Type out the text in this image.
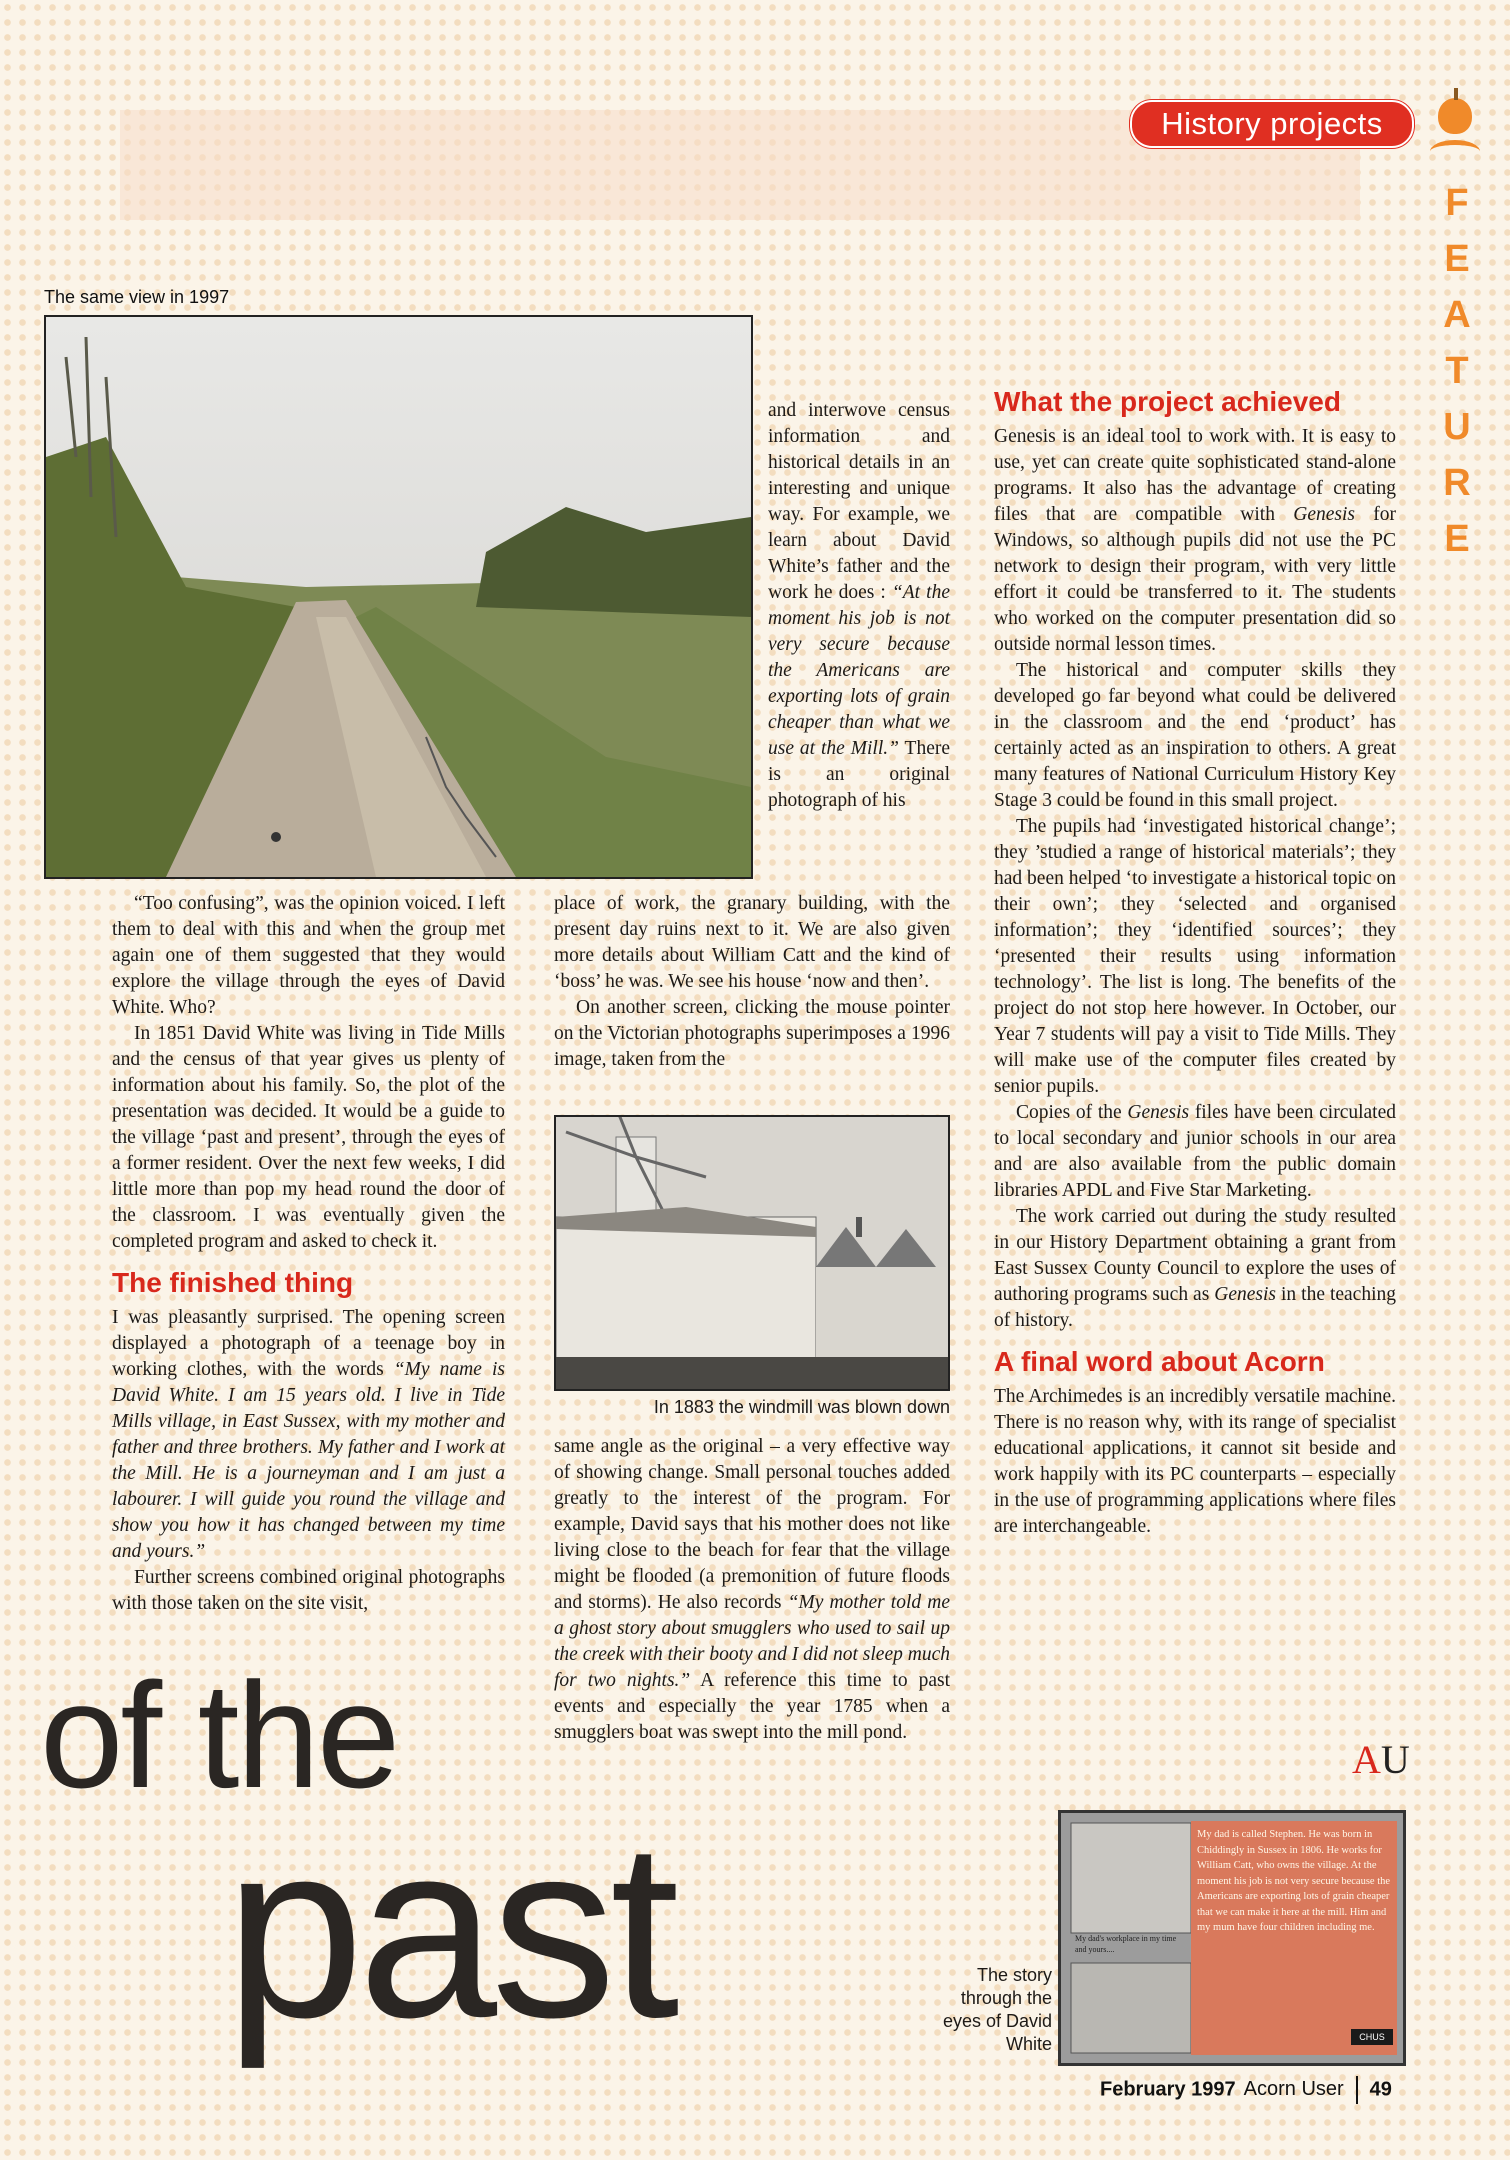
History projects
F
E
A
T
U
R
E
The same view in 1997

“Too confusing”, was the opinion voiced. I left them to deal with this and when the group met again one of them suggested that they would explore the village through the eyes of David White. Who?

In 1851 David White was living in Tide Mills and the census of that year gives us plenty of information about his family. So, the plot of the presentation was decided. It would be a guide to the village ‘past and present’, through the eyes of a former resident. Over the next few weeks, I did little more than pop my head round the door of the classroom. I was eventually given the completed program and asked to check it.

The finished thing

I was pleasantly surprised. The opening screen displayed a photograph of a teenage boy in working clothes, with the words “My name is David White. I am 15 years old. I live in Tide Mills village, in East Sussex, with my mother and father and three brothers. My father and I work at the Mill. He is a journeyman and I am just a labourer. I will guide you round the village and show you how it has changed between my time and yours.”

Further screens combined original photographs with those taken on the site visit,

and interwove census information and historical details in an interesting and unique way. For example, we learn about David White’s father and the work he does : “At the moment his job is not very secure because the Americans are exporting lots of grain cheaper than what we use at the Mill.” There is an original photograph of his

place of work, the granary building, with the present day ruins next to it. We are also given more details about William Catt and the kind of ‘boss’ he was. We see his house ‘now and then’.

On another screen, clicking the mouse pointer on the Victorian photographs superimposes a 1996 image, taken from the

In 1883 the windmill was blown down

same angle as the original – a very effective way of showing change. Small personal touches added greatly to the interest of the program. For example, David says that his mother does not like living close to the beach for fear that the village might be flooded (a premonition of future floods and storms). He also records “My mother told me a ghost story about smugglers who used to sail up the creek with their booty and I did not sleep much for two nights.” A reference this time to past events and especially the year 1785 when a smugglers boat was swept into the mill pond.

What the project achieved

Genesis is an ideal tool to work with. It is easy to use, yet can create quite sophisticated stand-alone programs. It also has the advantage of creating files that are compatible with Genesis for Windows, so although pupils did not use the PC network to design their program, with very little effort it could be transferred to it. The students who worked on the computer presentation did so outside normal lesson times.

The historical and computer skills they developed go far beyond what could be delivered in the classroom and the end ‘product’ has certainly acted as an inspiration to others. A great many features of National Curriculum History Key Stage 3 could be found in this small project.

The pupils had ‘investigated historical change’; they ’studied a range of historical materials’; they had been helped ‘to investigate a historical topic on their own’; they ‘selected and organised information’; they ‘identified sources’; they ‘presented their results using information technology’. The list is long. The benefits of the project do not stop here however. In October, our Year 7 students will pay a visit to Tide Mills. They will make use of the computer files created by senior pupils.

Copies of the Genesis files have been circulated to local secondary and junior schools in our area and are also available from the public domain libraries APDL and Five Star Marketing.

The work carried out during the study resulted in our History Department obtaining a grant from East Sussex County Council to explore the uses of authoring programs such as Genesis in the teaching of history.

A final word about Acorn

The Archimedes is an incredibly versatile machine. There is no reason why, with its range of specialist educational applications, it cannot sit beside and work happily with its PC counterparts – especially in the use of programming applications where files are interchangeable.

AU
of the
past	The story through the eyes of David White
My dad is called Stephen. He was born in Chiddingly in Sussex in 1806. He works for William Catt, who owns the village. At the moment his job is not very secure because the Americans are exporting lots of grain cheaper that we can make it here at the mill. Him and my mum have four children including me.
My dad's workplace in my time and yours....
CHUS
February 1997 Acorn User 49
